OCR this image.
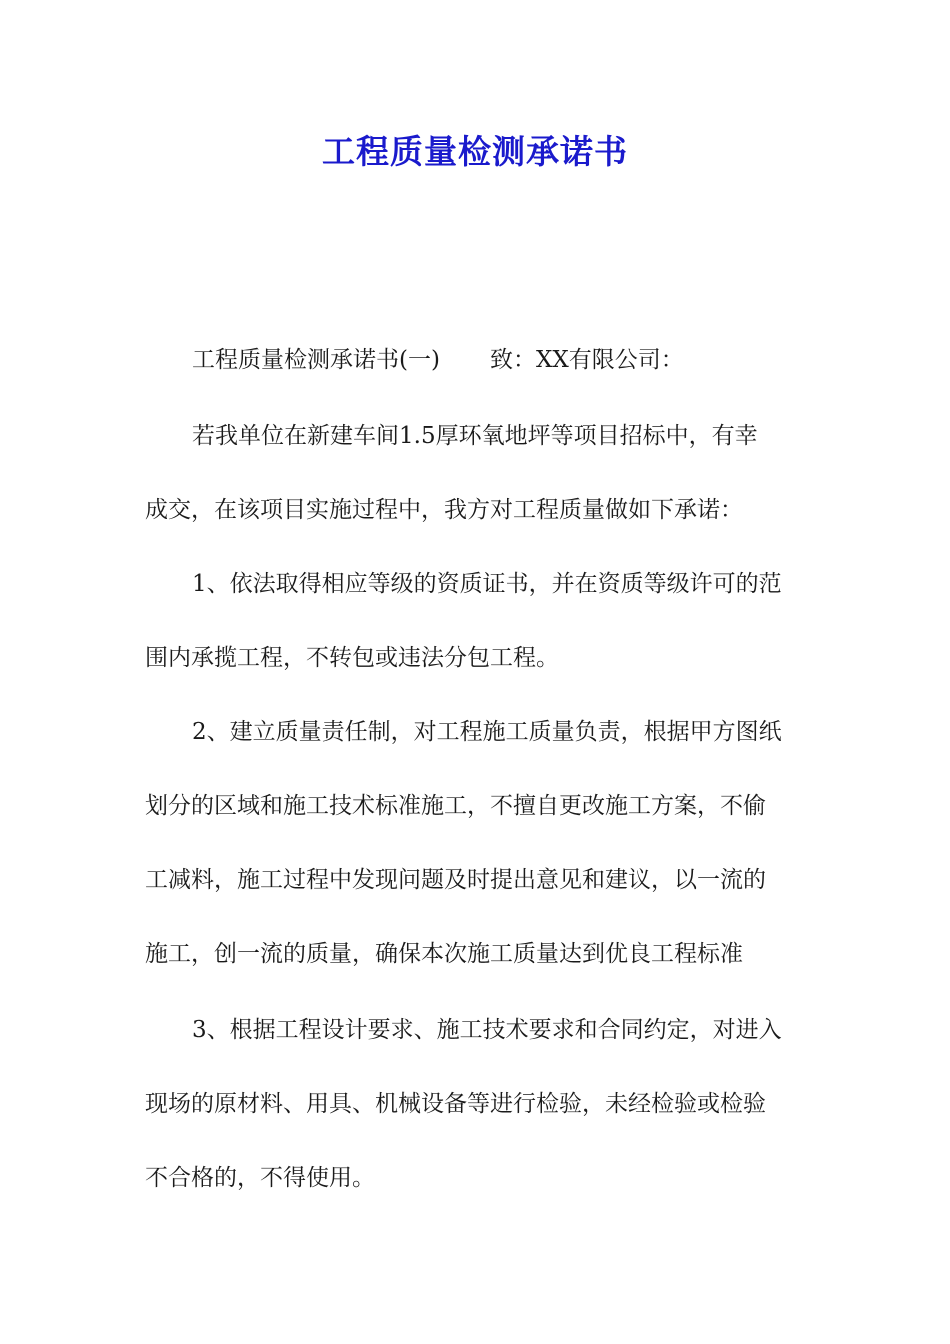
工程质量检测承诺书

工程质量检测承诺书(一) 致：XX有限公司：

若我单位在新建车间1.5厚环氧地坪等项目招标中，有幸

成交，在该项目实施过程中，我方对工程质量做如下承诺：

1、依法取得相应等级的资质证书，并在资质等级许可的范

围内承揽工程，不转包或违法分包工程。

2、建立质量责任制，对工程施工质量负责，根据甲方图纸

划分的区域和施工技术标准施工，不擅自更改施工方案，不偷

工减料，施工过程中发现问题及时提出意见和建议，以一流的

施工，创一流的质量，确保本次施工质量达到优良工程标准

3、根据工程设计要求、施工技术要求和合同约定，对进入

现场的原材料、用具、机械设备等进行检验，未经检验或检验

不合格的，不得使用。
